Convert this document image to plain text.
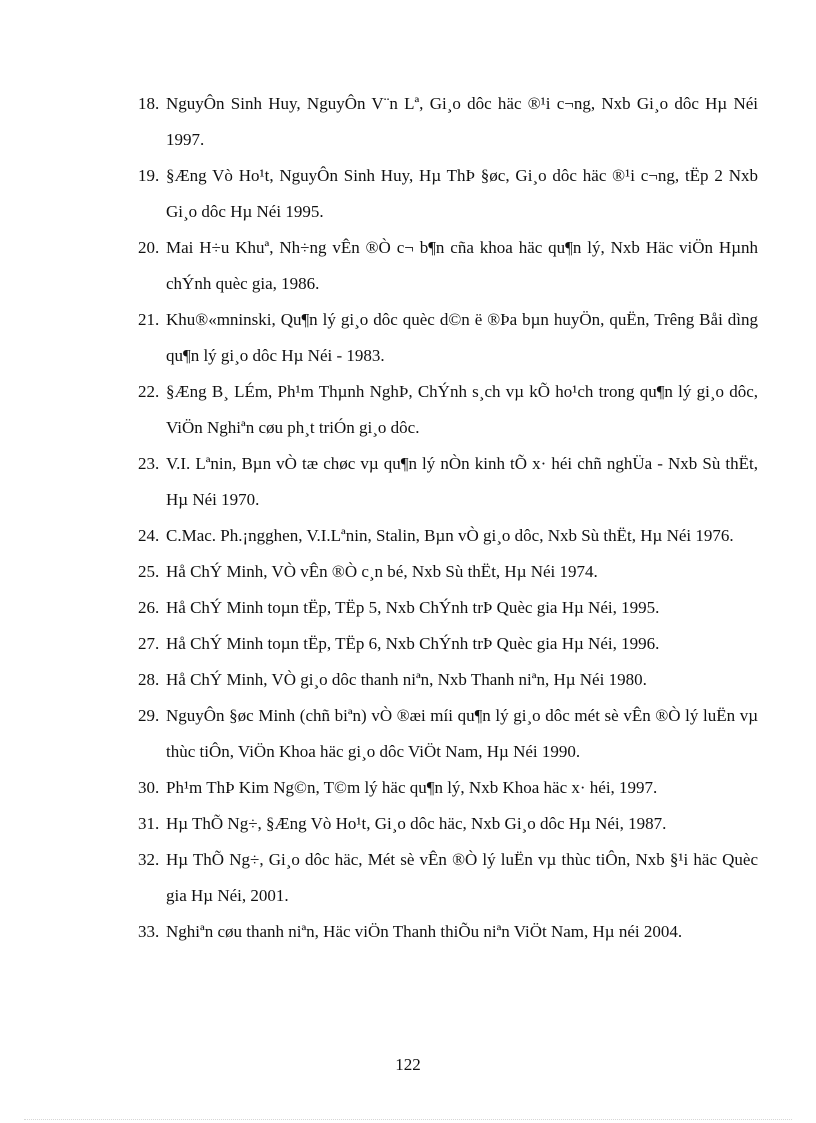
18. NguyÔn Sinh Huy, NguyÔn V¨n Lª, Gi¸o dôc häc ®¹i c¬ng, Nxb Gi¸o dôc Hµ Néi 1997.
19. §Æng Vò Ho¹t, NguyÔn Sinh Huy, Hµ ThÞ §øc, Gi¸o dôc häc ®¹i c¬ng, tËp 2 Nxb Gi¸o dôc Hµ Néi 1995.
20. Mai H÷u Khuª, Nh÷ng vÊn ®Ò c¬ b¶n cña khoa häc qu¶n lý, Nxb Häc viÖn Hµnh chÝnh quèc gia, 1986.
21. Khu®«mninski, Qu¶n lý gi¸o dôc quèc d©n ë ®Þa bµn huyÖn, quËn, Trêng Båi dìng qu¶n lý gi¸o dôc Hµ Néi - 1983.
22. §Æng B¸ LÉm, Ph¹m Thµnh NghÞ, ChÝnh s¸ch vµ kÕ ho¹ch trong qu¶n lý gi¸o dôc, ViÖn Nghiªn cøu ph¸t triÓn gi¸o dôc.
23. V.I. Lªnin, Bµn vÒ tæ chøc vµ qu¶n lý nÒn kinh tÕ x· héi chñ nghÜa - Nxb Sù thËt, Hµ Néi 1970.
24. C.Mac. Ph.¡ngghen, V.I.Lªnin, Stalin, Bµn vÒ gi¸o dôc, Nxb Sù thËt, Hµ Néi 1976.
25. Hå ChÝ Minh, VÒ vÊn ®Ò c¸n bé, Nxb Sù thËt, Hµ Néi 1974.
26. Hå ChÝ Minh toµn tËp, TËp 5, Nxb ChÝnh trÞ Quèc gia Hµ Néi, 1995.
27. Hå ChÝ Minh toµn tËp, TËp 6, Nxb ChÝnh trÞ Quèc gia Hµ Néi, 1996.
28. Hå ChÝ Minh, VÒ gi¸o dôc thanh niªn, Nxb Thanh niªn, Hµ Néi 1980.
29. NguyÔn §øc Minh (chñ biªn) vÒ ®æi míi qu¶n lý gi¸o dôc mét sè vÊn ®Ò lý luËn vµ thùc tiÔn, ViÖn Khoa häc gi¸o dôc ViÖt Nam, Hµ Néi 1990.
30. Ph¹m ThÞ Kim Ng©n, T©m lý häc qu¶n lý, Nxb Khoa häc x· héi, 1997.
31. Hµ ThÕ Ng÷, §Æng Vò Ho¹t, Gi¸o dôc häc, Nxb Gi¸o dôc Hµ Néi, 1987.
32. Hµ ThÕ Ng÷, Gi¸o dôc häc, Mét sè vÊn ®Ò lý luËn vµ thùc tiÔn, Nxb §¹i häc Quèc gia Hµ Néi, 2001.
33. Nghiªn cøu thanh niªn, Häc viÖn Thanh thiÕu niªn ViÖt Nam, Hµ néi 2004.
122
